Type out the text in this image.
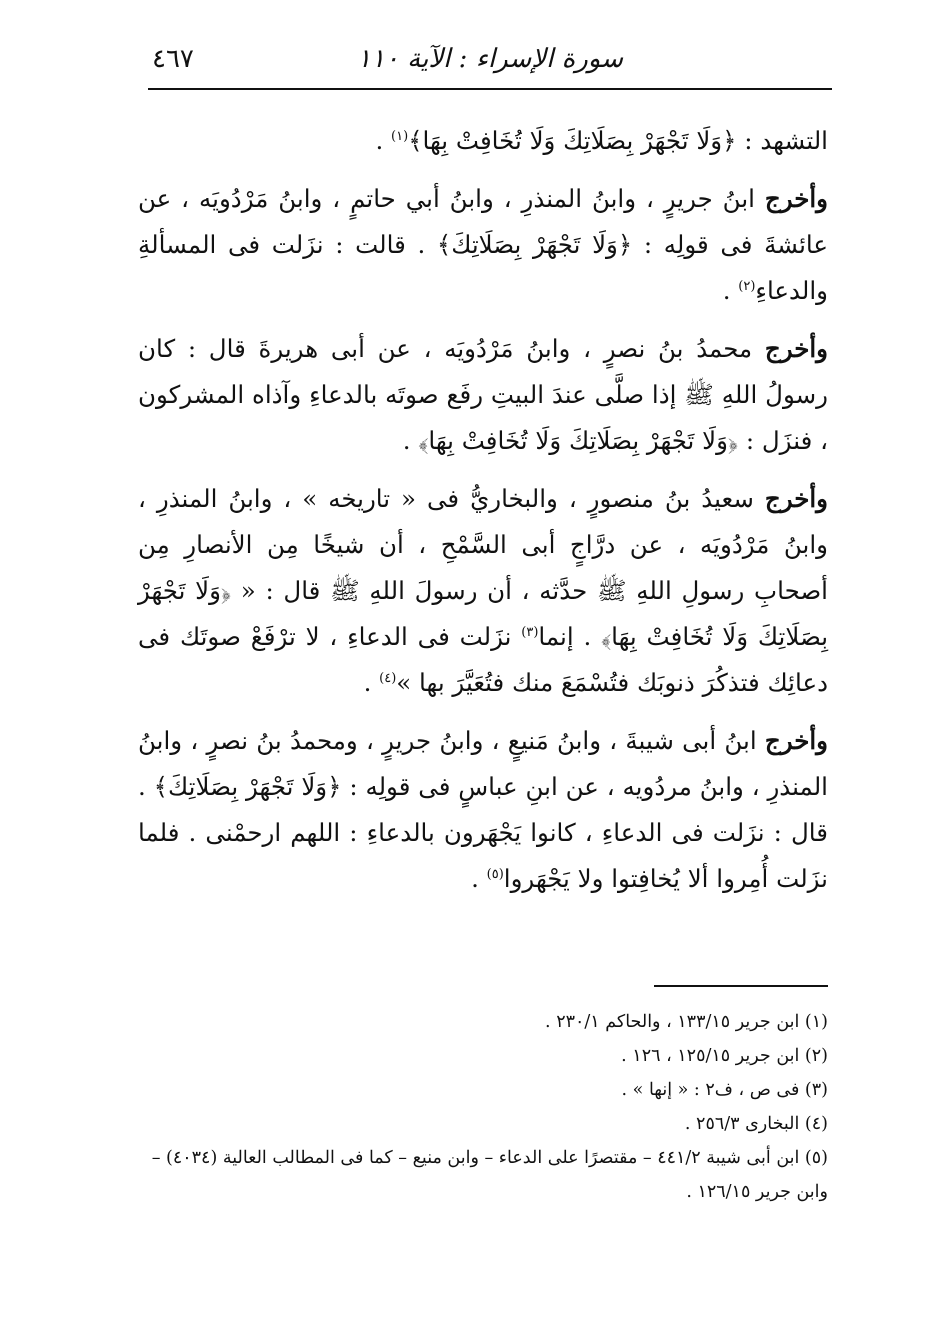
٤٦٧	سورة الإسراء : الآية ١١٠

التشهد : ﴿وَلَا تَجْهَرْ بِصَلَاتِكَ وَلَا تُخَافِتْ بِهَا﴾$^{(١)}$ .

وأخرج ابنُ جريرٍ ، وابنُ المنذرِ ، وابنُ أبي حاتمٍ ، وابنُ مَرْدُويَه ، عن عائشةَ فى قولِه : ﴿وَلَا تَجْهَرْ بِصَلَاتِكَ﴾ . قالت : نزَلت فى المسألةِ والدعاءِ$^{(٢)}$ .

وأخرج محمدُ بنُ نصرٍ ، وابنُ مَرْدُويَه ، عن أبى هريرةَ قال : كان رسولُ اللهِ ﷺ إذا صلَّى عندَ البيتِ رفَع صوتَه بالدعاءِ وآذاه المشركون ، فنزَل : ﴿وَلَا تَجْهَرْ بِصَلَاتِكَ وَلَا تُخَافِتْ بِهَا﴾ .

وأخرج سعيدُ بنُ منصورٍ ، والبخاريُّ فى « تاريخه » ، وابنُ المنذرِ ، وابنُ مَرْدُويَه ، عن درَّاجٍ أبى السَّمْحِ ، أن شيخًا مِن الأنصارِ مِن أصحابِ رسولِ اللهِ ﷺ حدَّثه ، أن رسولَ اللهِ ﷺ قال : « ﴿وَلَا تَجْهَرْ بِصَلَاتِكَ وَلَا تُخَافِتْ بِهَا﴾ . إنما$^{(٣)}$ نزَلت فى الدعاءِ ، لا ترْفَعْ صوتَك فى دعائِك فتذكُرَ ذنوبَك فتُسْمَعَ منك فتُعَيَّرَ بها »$^{(٤)}$ .

وأخرج ابنُ أبى شيبةَ ، وابنُ مَنيعٍ ، وابنُ جريرٍ ، ومحمدُ بنُ نصرٍ ، وابنُ المنذرِ ، وابنُ مردُويه ، عن ابنِ عباسٍ فى قولِه : ﴿وَلَا تَجْهَرْ بِصَلَاتِكَ﴾ . قال : نزَلت فى الدعاءِ ، كانوا يَجْهَرون بالدعاءِ : اللهم ارحمْنى . فلما نزَلت أُمِروا ألا يُخافِتوا ولا يَجْهَروا$^{(٥)}$ .

(١) ابن جرير ١٣٣/١٥ ، والحاكم ٢٣٠/١ .

(٢) ابن جرير ١٢٥/١٥ ، ١٢٦ .

(٣) فى ص ، ف٢ : « إنها » .

(٤) البخارى ٢٥٦/٣ .

(٥) ابن أبى شيبة ٤٤١/٢ – مقتصرًا على الدعاء – وابن منيع – كما فى المطالب العالية (٤٠٣٤) – وابن جرير ١٢٦/١٥ .
